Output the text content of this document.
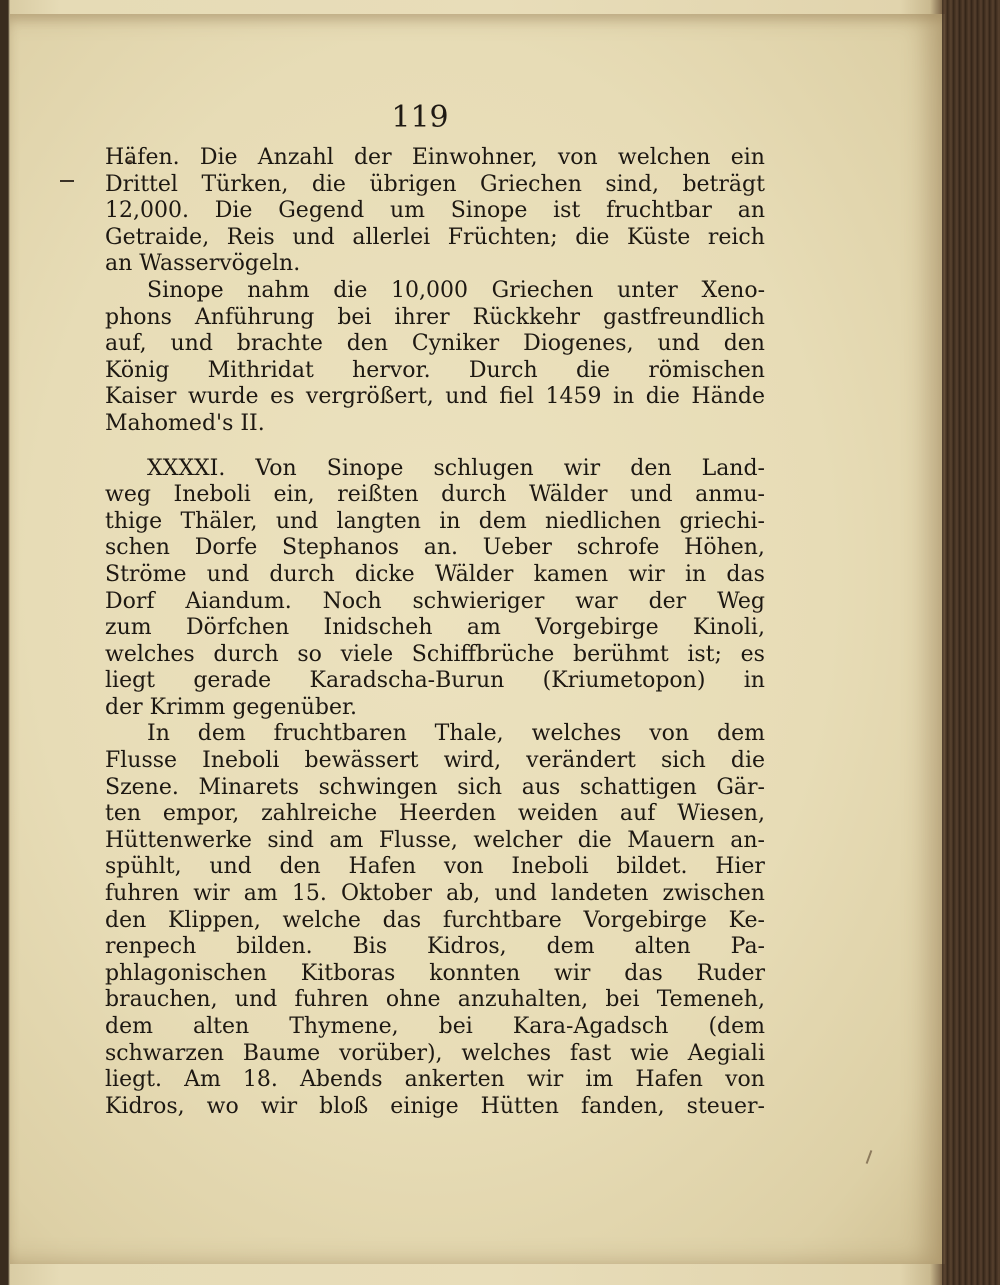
119
Häfen. Die Anzahl der Einwohner, von welchen ein
Drittel Türken, die übrigen Griechen sind, beträgt
12,000. Die Gegend um Sinope ist fruchtbar an
Getraide, Reis und allerlei Früchten; die Küste reich
an Wasservögeln.
Sinope nahm die 10,000 Griechen unter Xeno-
phons Anführung bei ihrer Rückkehr gastfreundlich
auf, und brachte den Cyniker Diogenes, und den
König Mithridat hervor. Durch die römischen
Kaiser wurde es vergrößert, und fiel 1459 in die Hände
Mahomed's II.
XXXXI. Von Sinope schlugen wir den Land-
weg Ineboli ein, reißten durch Wälder und anmu-
thige Thäler, und langten in dem niedlichen griechi-
schen Dorfe Stephanos an. Ueber schrofe Höhen,
Ströme und durch dicke Wälder kamen wir in das
Dorf Aiandum. Noch schwieriger war der Weg
zum Dörfchen Inidscheh am Vorgebirge Kinoli,
welches durch so viele Schiffbrüche berühmt ist; es
liegt gerade Karadscha-Burun (Kriumetopon) in
der Krimm gegenüber.
In dem fruchtbaren Thale, welches von dem
Flusse Ineboli bewässert wird, verändert sich die
Szene. Minarets schwingen sich aus schattigen Gär-
ten empor, zahlreiche Heerden weiden auf Wiesen,
Hüttenwerke sind am Flusse, welcher die Mauern an-
spühlt, und den Hafen von Ineboli bildet. Hier
fuhren wir am 15. Oktober ab, und landeten zwischen
den Klippen, welche das furchtbare Vorgebirge Ke-
renpech bilden. Bis Kidros, dem alten Pa-
phlagonischen Kitboras konnten wir das Ruder
brauchen, und fuhren ohne anzuhalten, bei Temeneh,
dem alten Thymene, bei Kara-Agadsch (dem
schwarzen Baume vorüber), welches fast wie Aegiali
liegt. Am 18. Abends ankerten wir im Hafen von
Kidros, wo wir bloß einige Hütten fanden, steuer-
